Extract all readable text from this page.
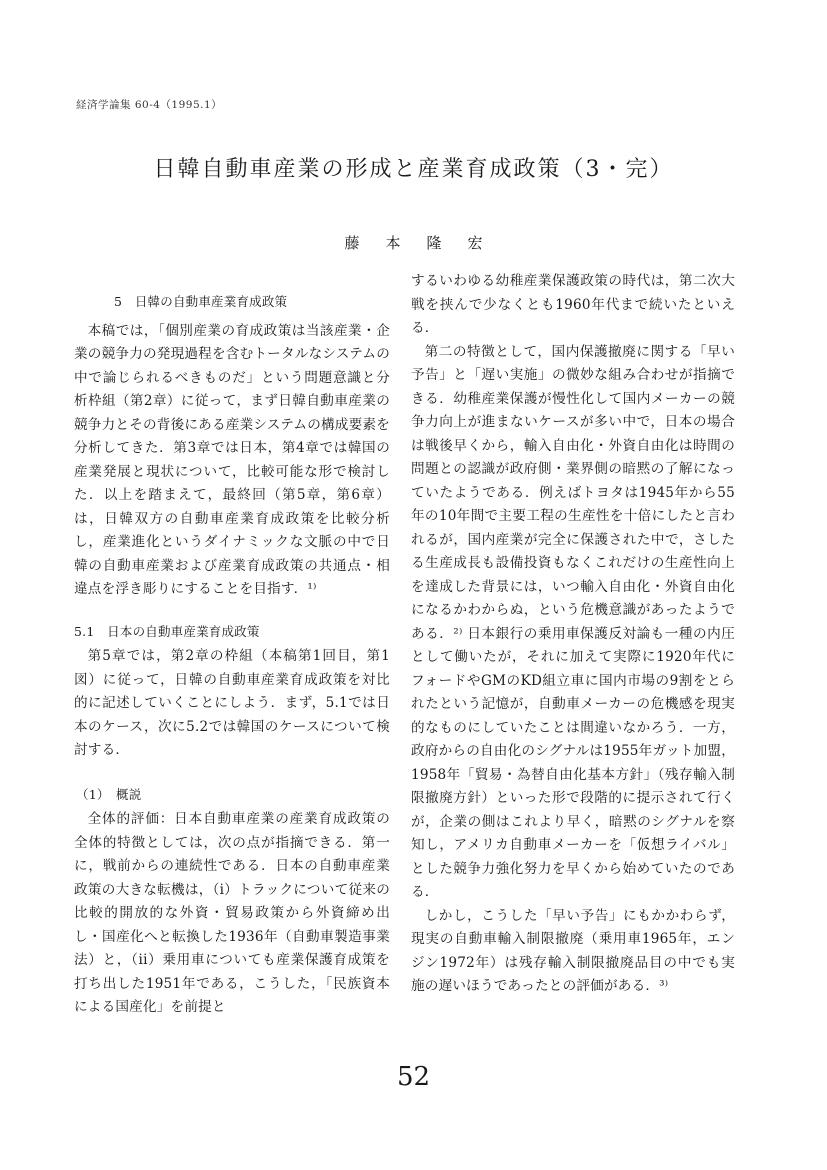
経済学論集 60-4（1995.1）
日韓自動車産業の形成と産業育成政策（3・完）
藤本隆宏

5　日韓の自動車産業育成政策

本稿では，「個別産業の育成政策は当該産業・企業の競争力の発現過程を含むトータルなシステムの中で論じられるべきものだ」という問題意識と分析枠組（第2章）に従って，まず日韓自動車産業の競争力とその背後にある産業システムの構成要素を分析してきた．第3章では日本，第4章では韓国の産業発展と現状について，比較可能な形で検討した．以上を踏まえて，最終回（第5章，第6章）は，日韓双方の自動車産業育成政策を比較分析し，産業進化というダイナミックな文脈の中で日韓の自動車産業および産業育成政策の共通点・相違点を浮き彫りにすることを目指す．¹⁾

5.1　日本の自動車産業育成政策

第5章では，第2章の枠組（本稿第1回目，第1図）に従って，日韓の自動車産業育成政策を対比的に記述していくことにしよう．まず，5.1では日本のケース，次に5.2では韓国のケースについて検討する．

（1）　概説

全体的評価：日本自動車産業の産業育成政策の全体的特徴としては，次の点が指摘できる．第一に，戦前からの連続性である．日本の自動車産業政策の大きな転機は，（i）トラックについて従来の比較的開放的な外資・貿易政策から外資締め出し・国産化へと転換した1936年（自動車製造事業法）と，（ii）乗用車についても産業保護育成策を打ち出した1951年である，こうした，「民族資本による国産化」を前提と

するいわゆる幼稚産業保護政策の時代は，第二次大戦を挟んで少なくとも1960年代まで続いたといえる．

第二の特徴として，国内保護撤廃に関する「早い予告」と「遅い実施」の微妙な組み合わせが指摘できる．幼稚産業保護が慢性化して国内メーカーの競争力向上が進まないケースが多い中で，日本の場合は戦後早くから，輸入自由化・外資自由化は時間の問題との認識が政府側・業界側の暗黙の了解になっていたようである．例えばトヨタは1945年から55年の10年間で主要工程の生産性を十倍にしたと言われるが，国内産業が完全に保護された中で，さしたる生産成長も設備投資もなくこれだけの生産性向上を達成した背景には，いつ輸入自由化・外資自由化になるかわからぬ，という危機意識があったようである．²⁾ 日本銀行の乗用車保護反対論も一種の内圧として働いたが，それに加えて実際に1920年代にフォードやGMのKD組立車に国内市場の9割をとられたという記憶が，自動車メーカーの危機感を現実的なものにしていたことは間違いなかろう．一方，政府からの自由化のシグナルは1955年ガット加盟，1958年「貿易・為替自由化基本方針」（残存輸入制限撤廃方針）といった形で段階的に提示されて行くが，企業の側はこれより早く，暗黙のシグナルを察知し，アメリカ自動車メーカーを「仮想ライバル」とした競争力強化努力を早くから始めていたのである．

しかし，こうした「早い予告」にもかかわらず，現実の自動車輸入制限撤廃（乗用車1965年，エンジン1972年）は残存輸入制限撤廃品目の中でも実施の遅いほうであったとの評価がある．³⁾

52
